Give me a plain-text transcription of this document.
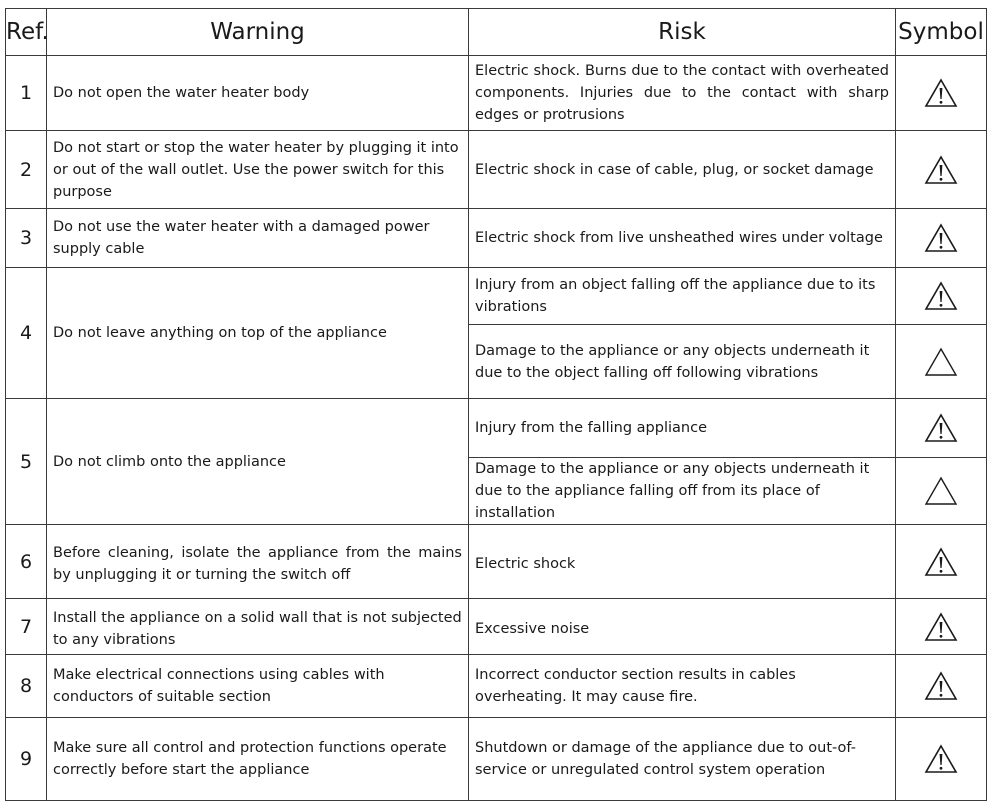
Ref.	Warning	Risk	Symbol
1	Do not open the water heater body	Electric shock. Burns due to the contact with overheated components. Injuries due to the contact with sharp edges or protrusions	

2	Do not start or stop the water heater by plugging it into or out of the wall outlet. Use the power switch for this purpose	Electric shock in case of cable, plug, or socket damage	

3	Do not use the water heater with a damaged power supply cable	Electric shock from live unsheathed wires under voltage	

4	Do not leave anything on top of the appliance	Injury from an object falling off the appliance due to its vibrations	

		Damage to the appliance or any objects underneath it due to the object falling off following vibrations	

5	Do not climb onto the appliance	Injury from the falling appliance	

		Damage to the appliance or any objects underneath it due to the appliance falling off from its place of installation	

6	Before cleaning, isolate the appliance from the mains by unplugging it or turning the switch off	Electric shock	

7	Install the appliance on a solid wall that is not subjected to any vibrations	Excessive noise	

8	Make electrical connections using cables with conductors of suitable section	Incorrect conductor section results in cables overheating. It may cause fire.	

9	Make sure all control and protection functions operate correctly before start the appliance	Shutdown or damage of the appliance due to out-of-service or unregulated control system operation	
